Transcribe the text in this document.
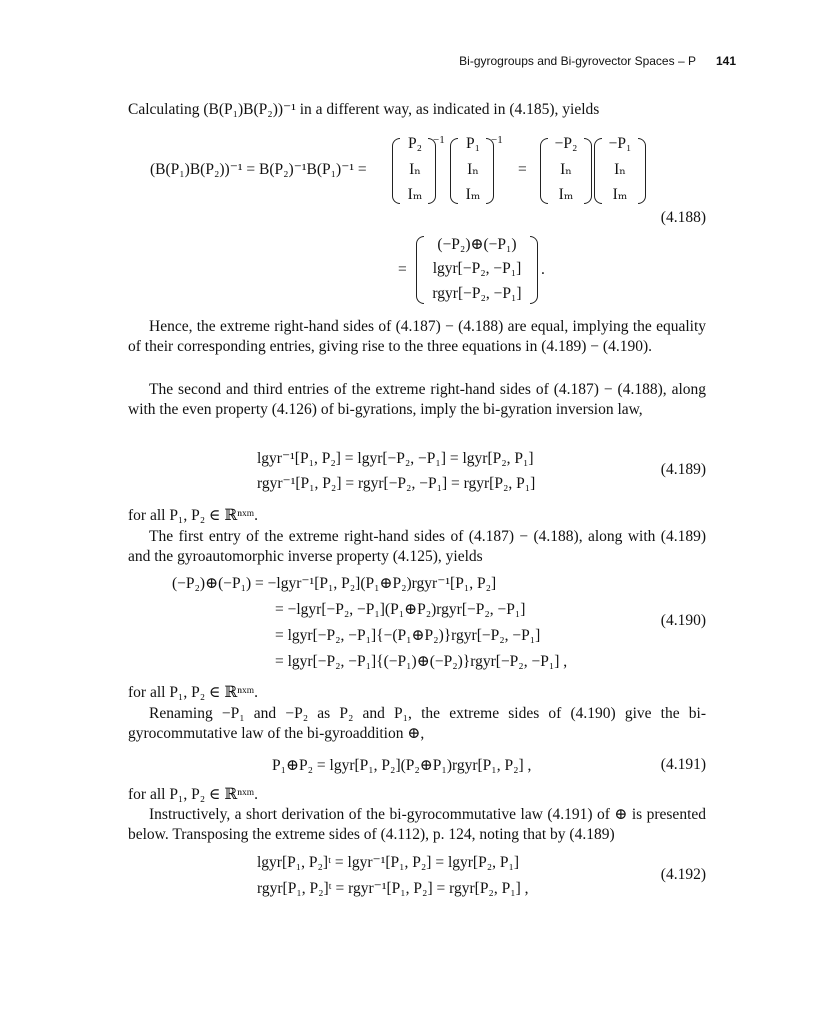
Bi-gyrogroups and Bi-gyrovector Spaces – P 141
Calculating (B(P₁)B(P₂))⁻¹ in a different way, as indicated in (4.185), yields
(B(P₁)B(P₂))⁻¹ = B(P₂)⁻¹B(P₁)⁻¹ =
P₂
Iₙ
Iₘ
−1	P₁
Iₙ
Iₘ
−1
=
−P₂
Iₙ
Iₘ
−P₁
Iₙ
Iₘ
(4.188)
=
(−P₂)⊕(−P₁)
lgyr[−P₂, −P₁]
rgyr[−P₂, −P₁]
.
Hence, the extreme right-hand sides of (4.187) − (4.188) are equal, implying the equality of their corresponding entries, giving rise to the three equations in (4.189) − (4.190).
The second and third entries of the extreme right-hand sides of (4.187) − (4.188), along with the even property (4.126) of bi-gyrations, imply the bi-gyration inversion law,
lgyr⁻¹[P₁, P₂] = lgyr[−P₂, −P₁] = lgyr[P₂, P₁]
rgyr⁻¹[P₁, P₂] = rgyr[−P₂, −P₁] = rgyr[P₂, P₁]
(4.189)
for all P₁, P₂ ∈ ℝⁿˣᵐ.
The first entry of the extreme right-hand sides of (4.187) − (4.188), along with (4.189) and the gyroautomorphic inverse property (4.125), yields
(−P₂)⊕(−P₁) = −lgyr⁻¹[P₁, P₂](P₁⊕P₂)rgyr⁻¹[P₁, P₂]
= −lgyr[−P₂, −P₁](P₁⊕P₂)rgyr[−P₂, −P₁]
= lgyr[−P₂, −P₁]{−(P₁⊕P₂)}rgyr[−P₂, −P₁]
= lgyr[−P₂, −P₁]{(−P₁)⊕(−P₂)}rgyr[−P₂, −P₁] ,
(4.190)
for all P₁, P₂ ∈ ℝⁿˣᵐ.
Renaming −P₁ and −P₂ as P₂ and P₁, the extreme sides of (4.190) give the bi-gyrocommutative law of the bi-gyroaddition ⊕,
P₁⊕P₂ = lgyr[P₁, P₂](P₂⊕P₁)rgyr[P₁, P₂] ,	(4.191)
for all P₁, P₂ ∈ ℝⁿˣᵐ.
Instructively, a short derivation of the bi-gyrocommutative law (4.191) of ⊕ is presented below. Transposing the extreme sides of (4.112), p. 124, noting that by (4.189)
lgyr[P₁, P₂]ᵗ = lgyr⁻¹[P₁, P₂] = lgyr[P₂, P₁]
rgyr[P₁, P₂]ᵗ = rgyr⁻¹[P₁, P₂] = rgyr[P₂, P₁] ,
(4.192)
